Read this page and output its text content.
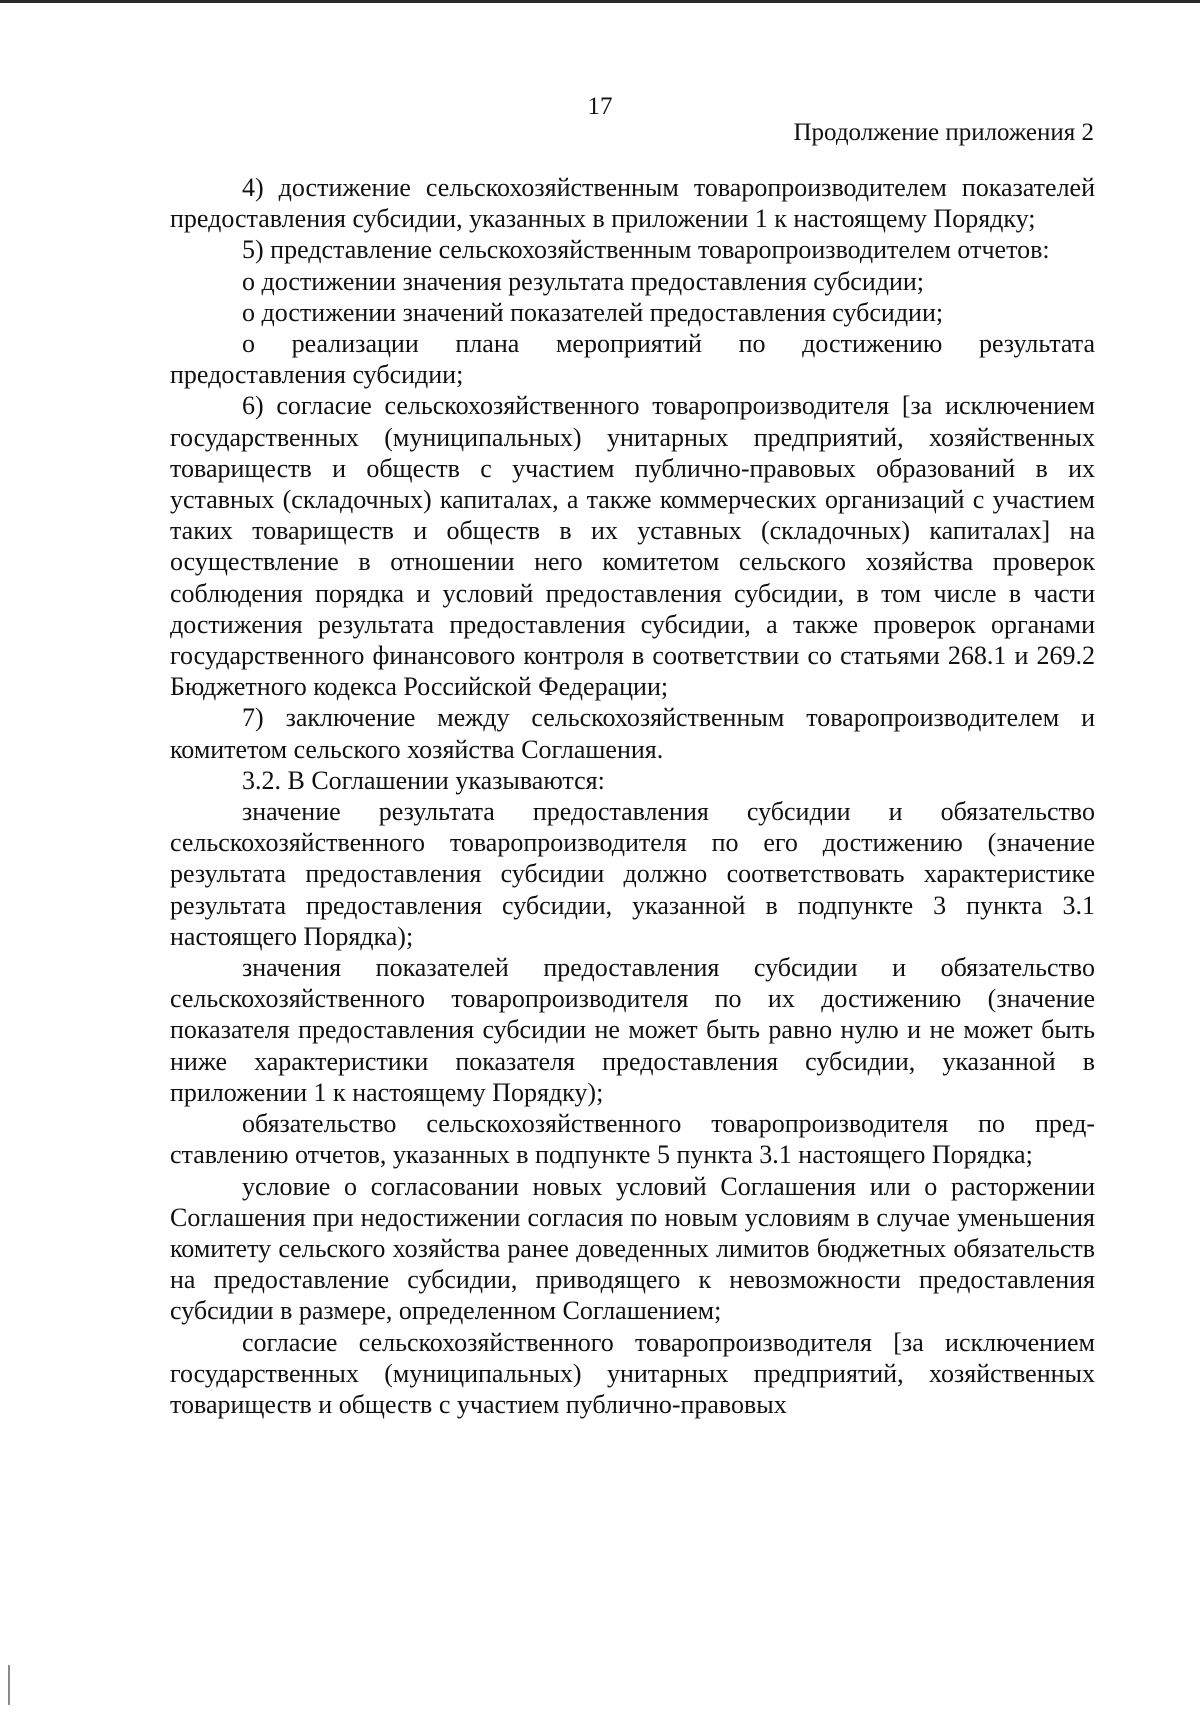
17
Продолжение приложения 2

4) достижение сельскохозяйственным товаропроизводителем показателей предоставления субсидии, указанных в приложении 1 к настоящему Порядку;

5) представление сельскохозяйственным товаропроизводителем отчетов:

о достижении значения результата предоставления субсидии;

о достижении значений показателей предоставления субсидии;

о реализации плана мероприятий по достижению результата предоставления субсидии;

6) согласие сельскохозяйственного товаропроизводителя [за исключением государственных (муниципальных) унитарных предприятий, хозяйственных товариществ и обществ с участием публично-правовых образований в их уставных (складочных) капиталах, а также коммерческих организаций с участием таких товариществ и обществ в их уставных (складочных) капиталах] на осуществление в отношении него комитетом сельского хозяйства проверок соблюдения порядка и условий предоставления субсидии, в том числе в части достижения результата предоставления субсидии, а также проверок органами государственного финансового контроля в соответствии со статьями 268.1 и 269.2 Бюджетного кодекса Российской Федерации;

7) заключение между сельскохозяйственным товаропроизводителем и комитетом сельского хозяйства Соглашения.

3.2. В Соглашении указываются:

значение результата предоставления субсидии и обязательство сельскохозяйственного товаропроизводителя по его достижению (значение результата предоставления субсидии должно соответствовать характеристике результата предоставления субсидии, указанной в подпункте 3 пункта 3.1 настоящего Порядка);

значения показателей предоставления субсидии и обязательство сельскохозяйственного товаропроизводителя по их достижению (значение показателя предоставления субсидии не может быть равно нулю и не может быть ниже характеристики показателя предоставления субсидии, указанной в приложении 1 к настоящему Порядку);

обязательство сельскохозяйственного товаропроизводителя по представлению отчетов, указанных в подпункте 5 пункта 3.1 настоящего Порядка;

условие о согласовании новых условий Соглашения или о расторжении Соглашения при недостижении согласия по новым условиям в случае уменьшения комитету сельского хозяйства ранее доведенных лимитов бюджетных обязательств на предоставление субсидии, приводящего к невозможности предоставления субсидии в размере, определенном Соглашением;

согласие сельскохозяйственного товаропроизводителя [за исключением государственных (муниципальных) унитарных предприятий, хозяйственных товариществ и обществ с участием публично-правовых
